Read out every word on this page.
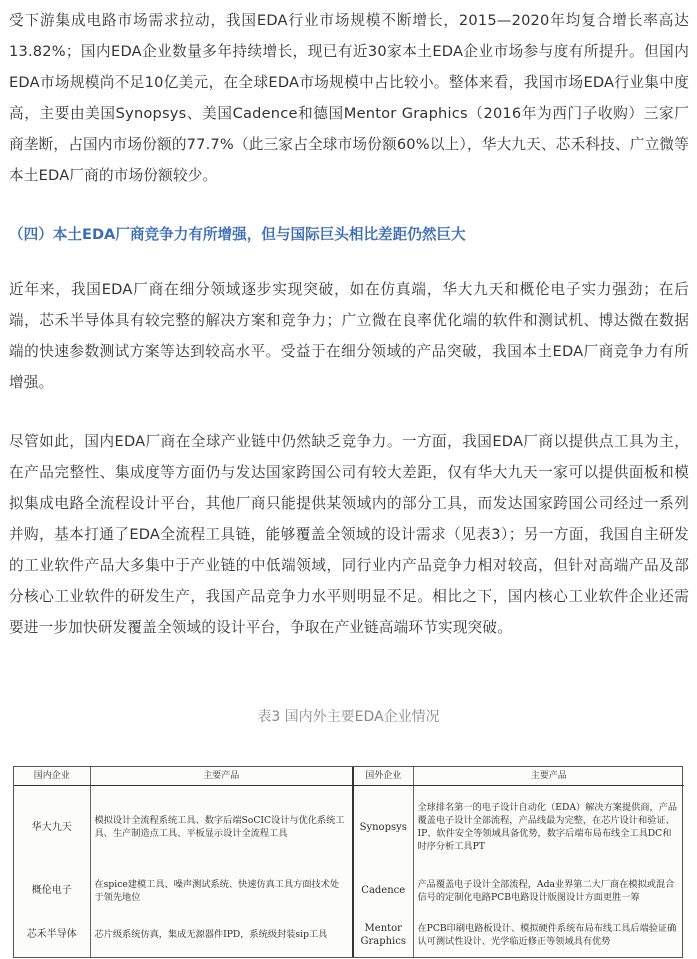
受下游集成电路市场需求拉动，我国EDA行业市场规模不断增长，2015—2020年均复合增长率高达13.82%；国内EDA企业数量多年持续增长，现已有近30家本土EDA企业市场参与度有所提升。但国内EDA市场规模尚不足10亿美元，在全球EDA市场规模中占比较小。整体来看，我国市场EDA行业集中度高，主要由美国Synopsys、美国Cadence和德国Mentor Graphics（2016年为西门子收购）三家厂商垄断，占国内市场份额的77.7%（此三家占全球市场份额60%以上），华大九天、芯禾科技、广立微等本土EDA厂商的市场份额较少。

（四）本土EDA厂商竞争力有所增强，但与国际巨头相比差距仍然巨大

近年来，我国EDA厂商在细分领域逐步实现突破，如在仿真端，华大九天和概伦电子实力强劲；在后端，芯禾半导体具有较完整的解决方案和竞争力；广立微在良率优化端的软件和测试机、博达微在数据端的快速参数测试方案等达到较高水平。受益于在细分领域的产品突破，我国本土EDA厂商竞争力有所增强。

尽管如此，国内EDA厂商在全球产业链中仍然缺乏竞争力。一方面，我国EDA厂商以提供点工具为主，在产品完整性、集成度等方面仍与发达国家跨国公司有较大差距，仅有华大九天一家可以提供面板和模拟集成电路全流程设计平台，其他厂商只能提供某领域内的部分工具，而发达国家跨国公司经过一系列并购，基本打通了EDA全流程工具链，能够覆盖全领域的设计需求（见表3）；另一方面，我国自主研发的工业软件产品大多集中于产业链的中低端领域，同行业内产品竞争力相对较高，但针对高端产品及部分核心工业软件的研发生产，我国产品竞争力水平则明显不足。相比之下，国内核心工业软件企业还需要进一步加快研发覆盖全领域的设计平台，争取在产业链高端环节实现突破。

表3 国内外主要EDA企业情况

国内企业	主要产品	国外企业	主要产品
华大九天	模拟设计全流程系统工具、数字后端SoCIC设计与优化系统工具、生产制造点工具、平板显示设计全流程工具	Synopsys	全球排名第一的电子设计自动化（EDA）解决方案提供商，产品覆盖电子设计全部流程，产品线最为完整，在芯片设计和验证、IP、软件安全等领域具备优势，数字后端布局布线全工具DC和时序分析工具PT
概伦电子	在spice建模工具、噪声测试系统、快速仿真工具方面技术处于领先地位	Cadence	产品覆盖电子设计全部流程，Ada业界第二大厂商在模拟或混合信号的定制化电路PCB电路设计版图设计方面更胜一筹
芯禾半导体	芯片级系统仿真，集成无源器件IPD，系统级封装sip工具	Mentor Graphics	在PCB印刷电路板设计、模拟硬件系统布局布线工具后端验证确认可测试性设计、光学临近修正等领域具有优势
